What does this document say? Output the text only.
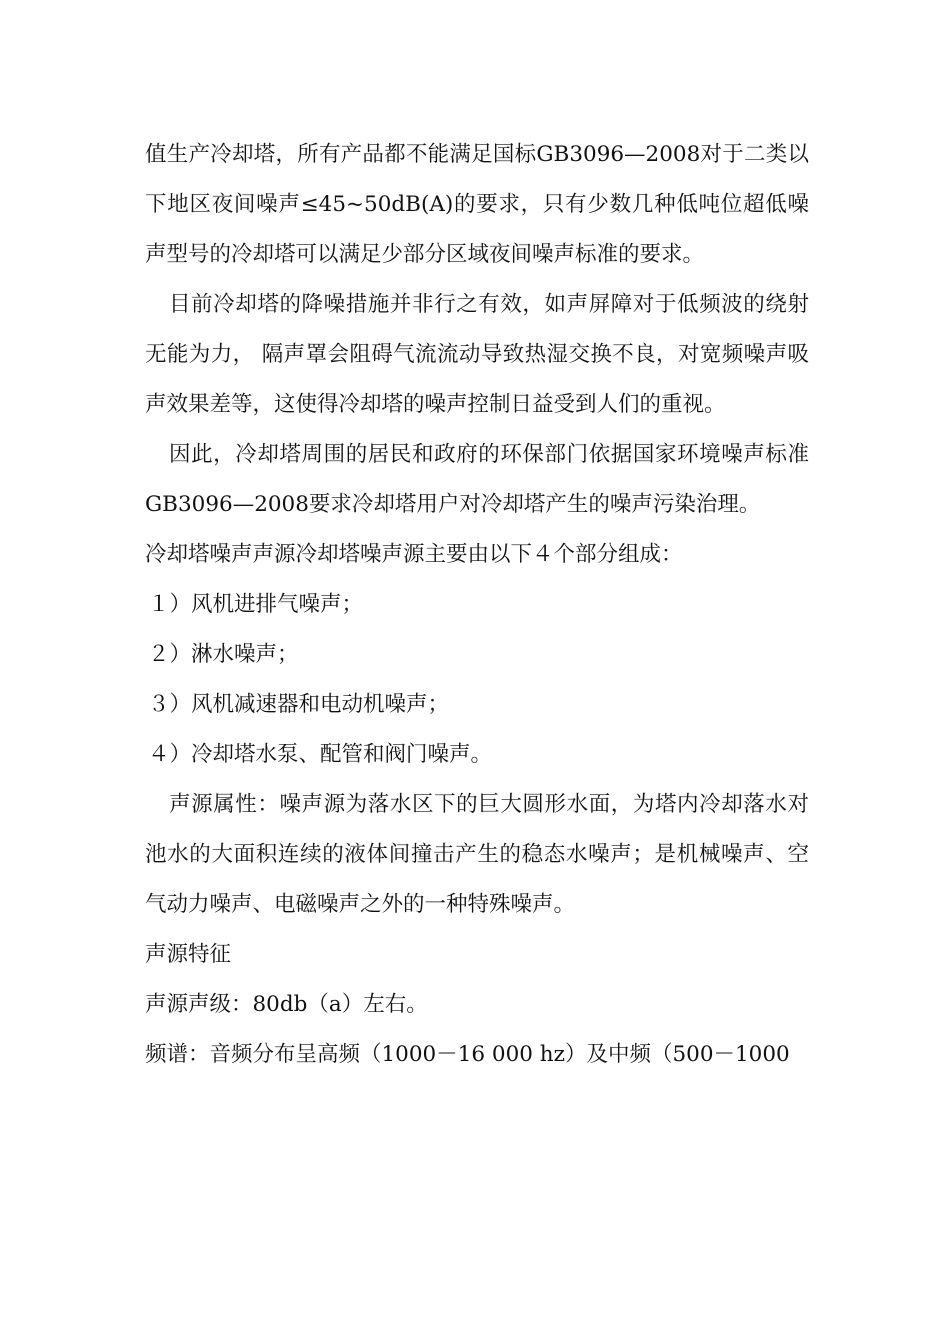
值生产冷却塔，所有产品都不能满足国标GB3096—2008对于二类以下地区夜间噪声≤45~50dB(A)的要求，只有少数几种低吨位超低噪声型号的冷却塔可以满足少部分区域夜间噪声标准的要求。

目前冷却塔的降噪措施并非行之有效，如声屏障对于低频波的绕射无能为力， 隔声罩会阻碍气流流动导致热湿交换不良，对宽频噪声吸声效果差等，这使得冷却塔的噪声控制日益受到人们的重视。

因此，冷却塔周围的居民和政府的环保部门依据国家环境噪声标准GB3096—2008要求冷却塔用户对冷却塔产生的噪声污染治理。

冷却塔噪声声源冷却塔噪声源主要由以下４个部分组成：

１）风机进排气噪声；

２）淋水噪声；

３）风机减速器和电动机噪声；

４）冷却塔水泵、配管和阀门噪声。

声源属性：噪声源为落水区下的巨大圆形水面，为塔内冷却落水对池水的大面积连续的液体间撞击产生的稳态水噪声；是机械噪声、空气动力噪声、电磁噪声之外的一种特殊噪声。

声源特征

声源声级：80db（a）左右。

频谱：音频分布呈高频（1000－16 000 hz）及中频（500－1000
